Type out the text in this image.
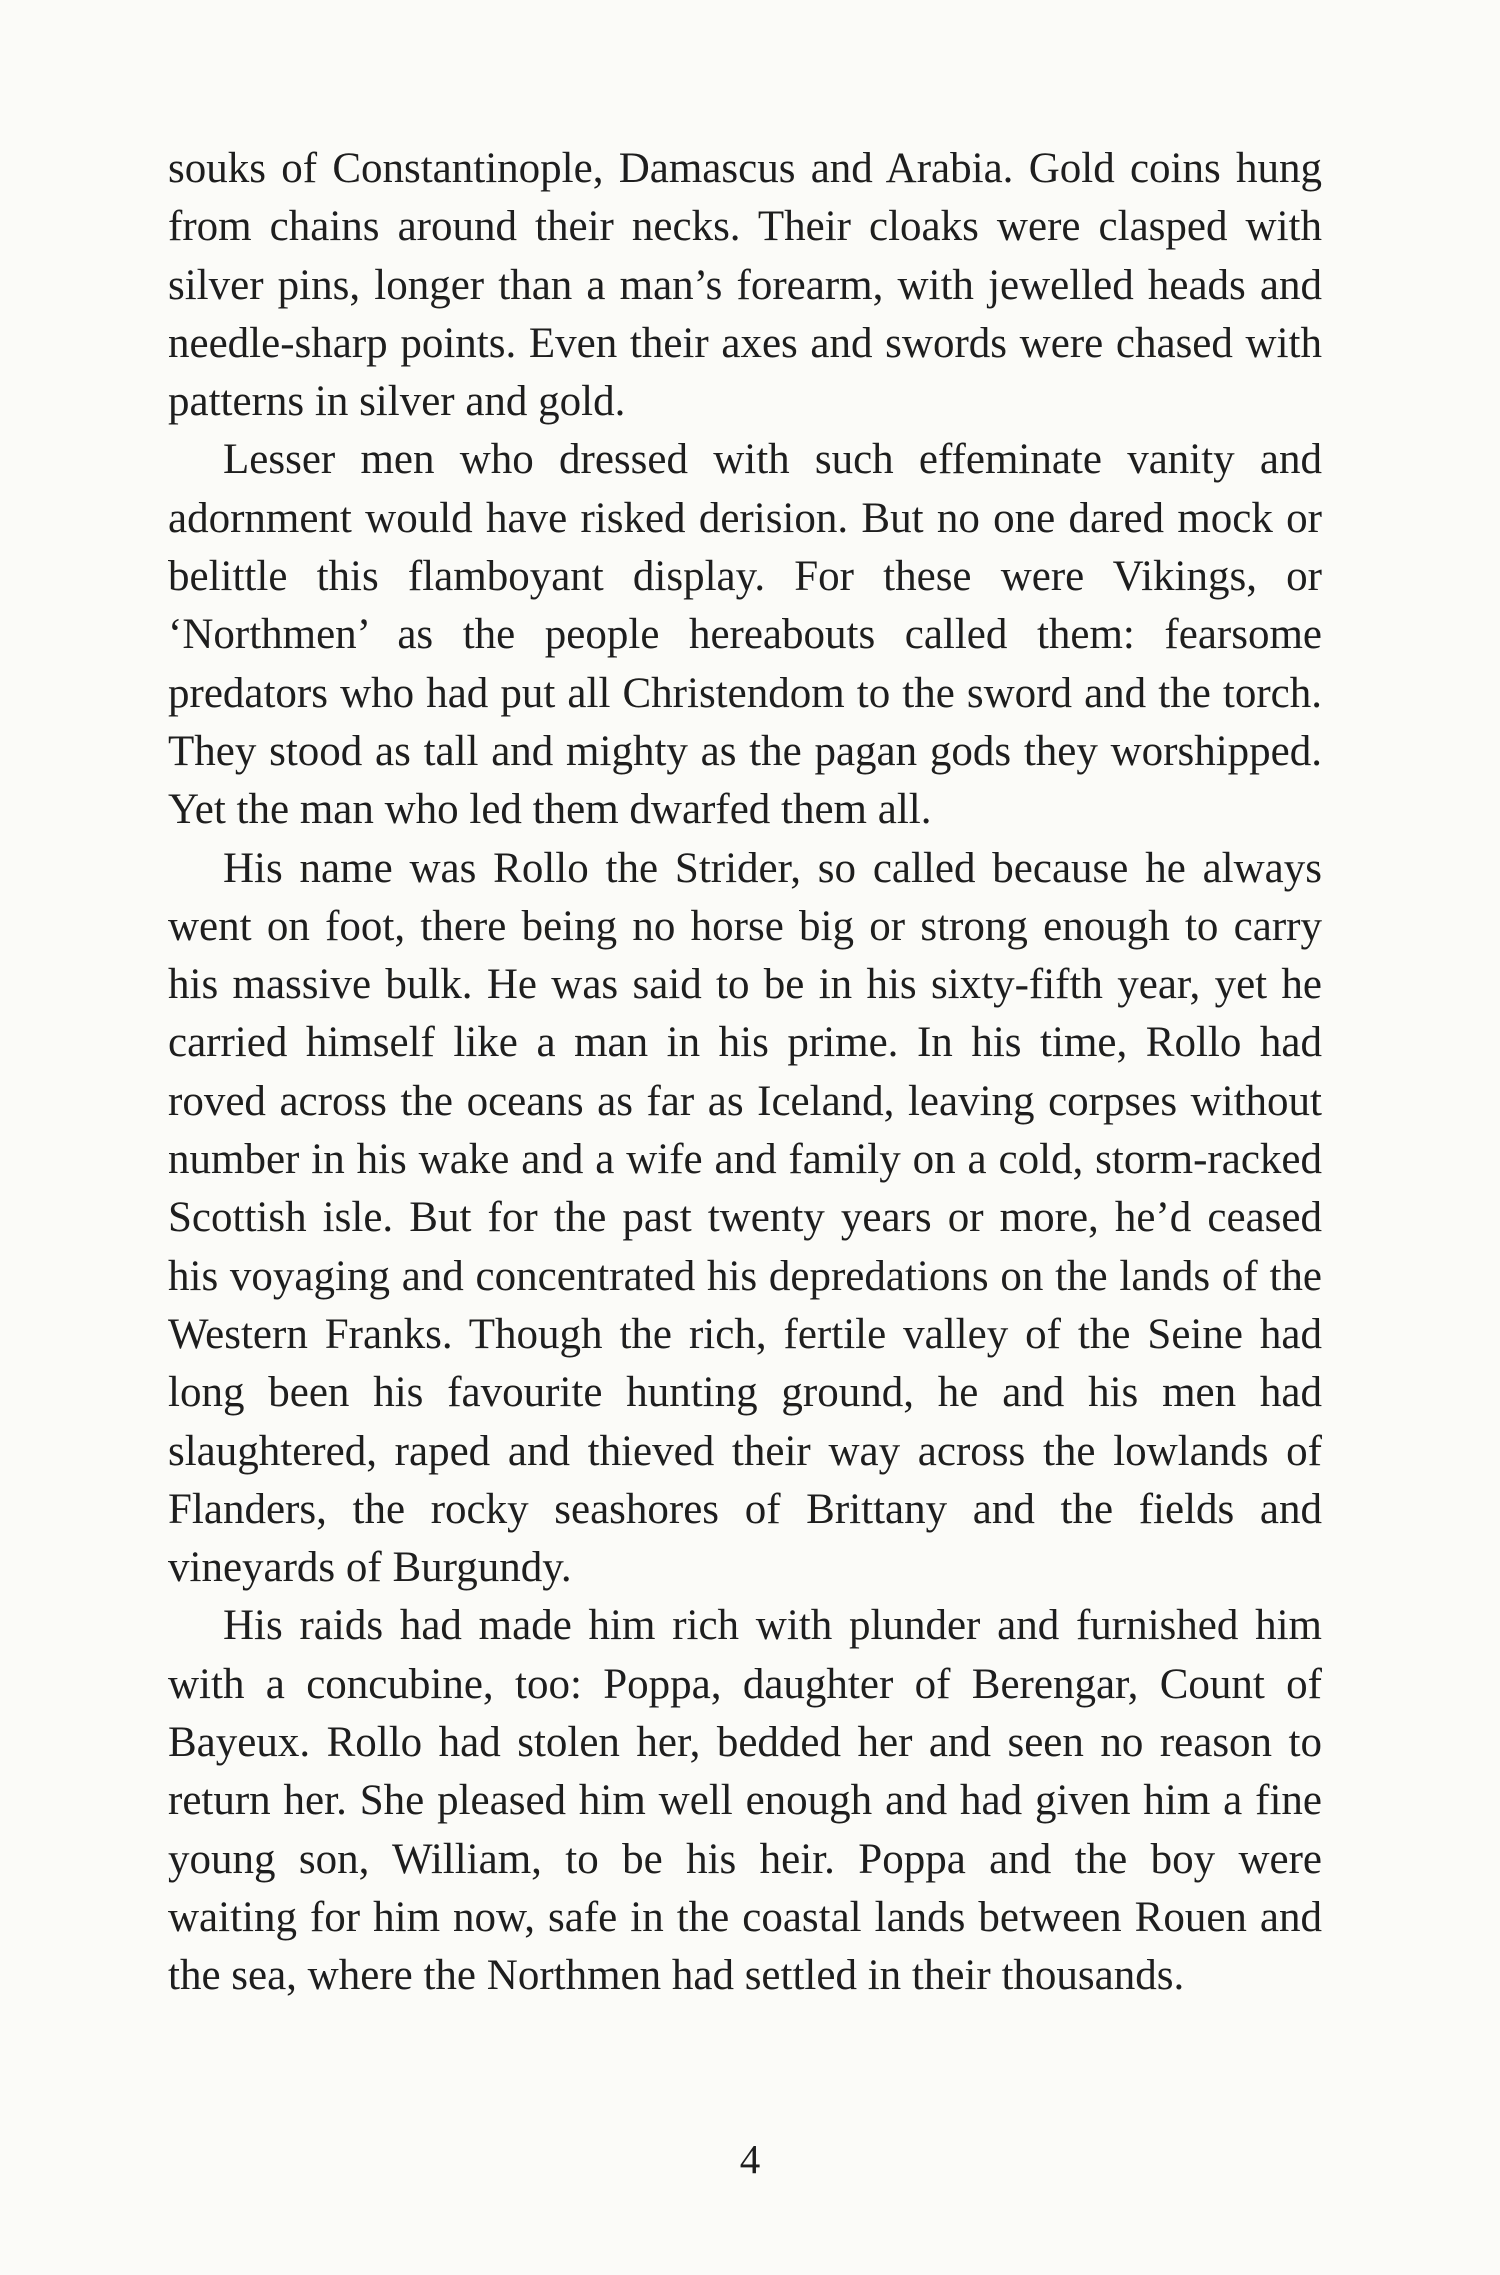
souks of Constantinople, Damascus and Arabia. Gold coins hung from chains around their necks. Their cloaks were clasped with silver pins, longer than a man’s forearm, with jewelled heads and needle-sharp points. Even their axes and swords were chased with patterns in silver and gold.

Lesser men who dressed with such effeminate vanity and adornment would have risked derision. But no one dared mock or belittle this flamboyant display. For these were Vikings, or ‘Northmen’ as the people hereabouts called them: fearsome predators who had put all Christendom to the sword and the torch. They stood as tall and mighty as the pagan gods they worshipped. Yet the man who led them dwarfed them all.

His name was Rollo the Strider, so called because he always went on foot, there being no horse big or strong enough to carry his massive bulk. He was said to be in his sixty-fifth year, yet he carried himself like a man in his prime. In his time, Rollo had roved across the oceans as far as Iceland, leaving corpses without number in his wake and a wife and family on a cold, storm-racked Scottish isle. But for the past twenty years or more, he’d ceased his voyaging and concentrated his depredations on the lands of the Western Franks. Though the rich, fertile valley of the Seine had long been his favourite hunting ground, he and his men had slaughtered, raped and thieved their way across the lowlands of Flanders, the rocky seashores of Brittany and the fields and vineyards of Burgundy.

His raids had made him rich with plunder and furnished him with a concubine, too: Poppa, daughter of Berengar, Count of Bayeux. Rollo had stolen her, bedded her and seen no reason to return her. She pleased him well enough and had given him a fine young son, William, to be his heir. Poppa and the boy were waiting for him now, safe in the coastal lands between Rouen and the sea, where the Northmen had settled in their thousands.

4
